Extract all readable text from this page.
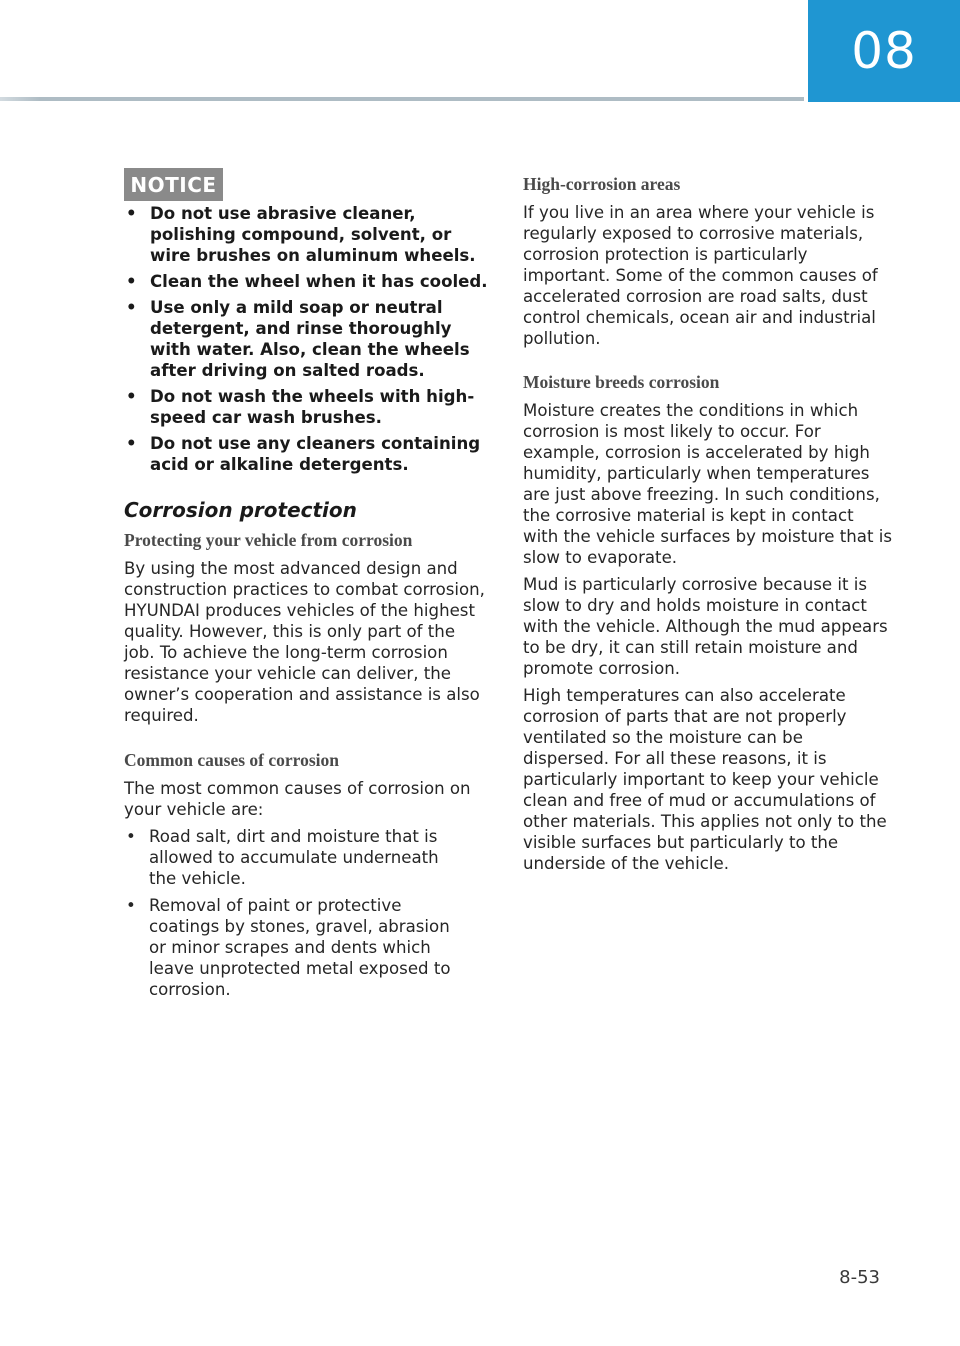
08
NOTICE
• Do not use abrasive cleaner, polishing compound, solvent, or wire brushes on aluminum wheels.
• Clean the wheel when it has cooled.
• Use only a mild soap or neutral detergent, and rinse thoroughly with water. Also, clean the wheels after driving on salted roads.
• Do not wash the wheels with high-speed car wash brushes.
• Do not use any cleaners containing acid or alkaline detergents.
Corrosion protection
Protecting your vehicle from corrosion

By using the most advanced design and construction practices to combat corrosion, HYUNDAI produces vehicles of the highest quality. However, this is only part of the job. To achieve the long-term corrosion resistance your vehicle can deliver, the owner’s cooperation and assistance is also required.

Common causes of corrosion

The most common causes of corrosion on your vehicle are:

• Road salt, dirt and moisture that is allowed to accumulate underneath the vehicle.
• Removal of paint or protective coatings by stones, gravel, abrasion or minor scrapes and dents which leave unprotected metal exposed to corrosion.
High-corrosion areas

If you live in an area where your vehicle is regularly exposed to corrosive materials, corrosion protection is particularly important. Some of the common causes of accelerated corrosion are road salts, dust control chemicals, ocean air and industrial pollution.

Moisture breeds corrosion

Moisture creates the conditions in which corrosion is most likely to occur. For example, corrosion is accelerated by high humidity, particularly when temperatures are just above freezing. In such conditions, the corrosive material is kept in contact with the vehicle surfaces by moisture that is slow to evaporate.

Mud is particularly corrosive because it is slow to dry and holds moisture in contact with the vehicle. Although the mud appears to be dry, it can still retain moisture and promote corrosion.

High temperatures can also accelerate corrosion of parts that are not properly ventilated so the moisture can be dispersed. For all these reasons, it is particularly important to keep your vehicle clean and free of mud or accumulations of other materials. This applies not only to the visible surfaces but particularly to the underside of the vehicle.

8-53
